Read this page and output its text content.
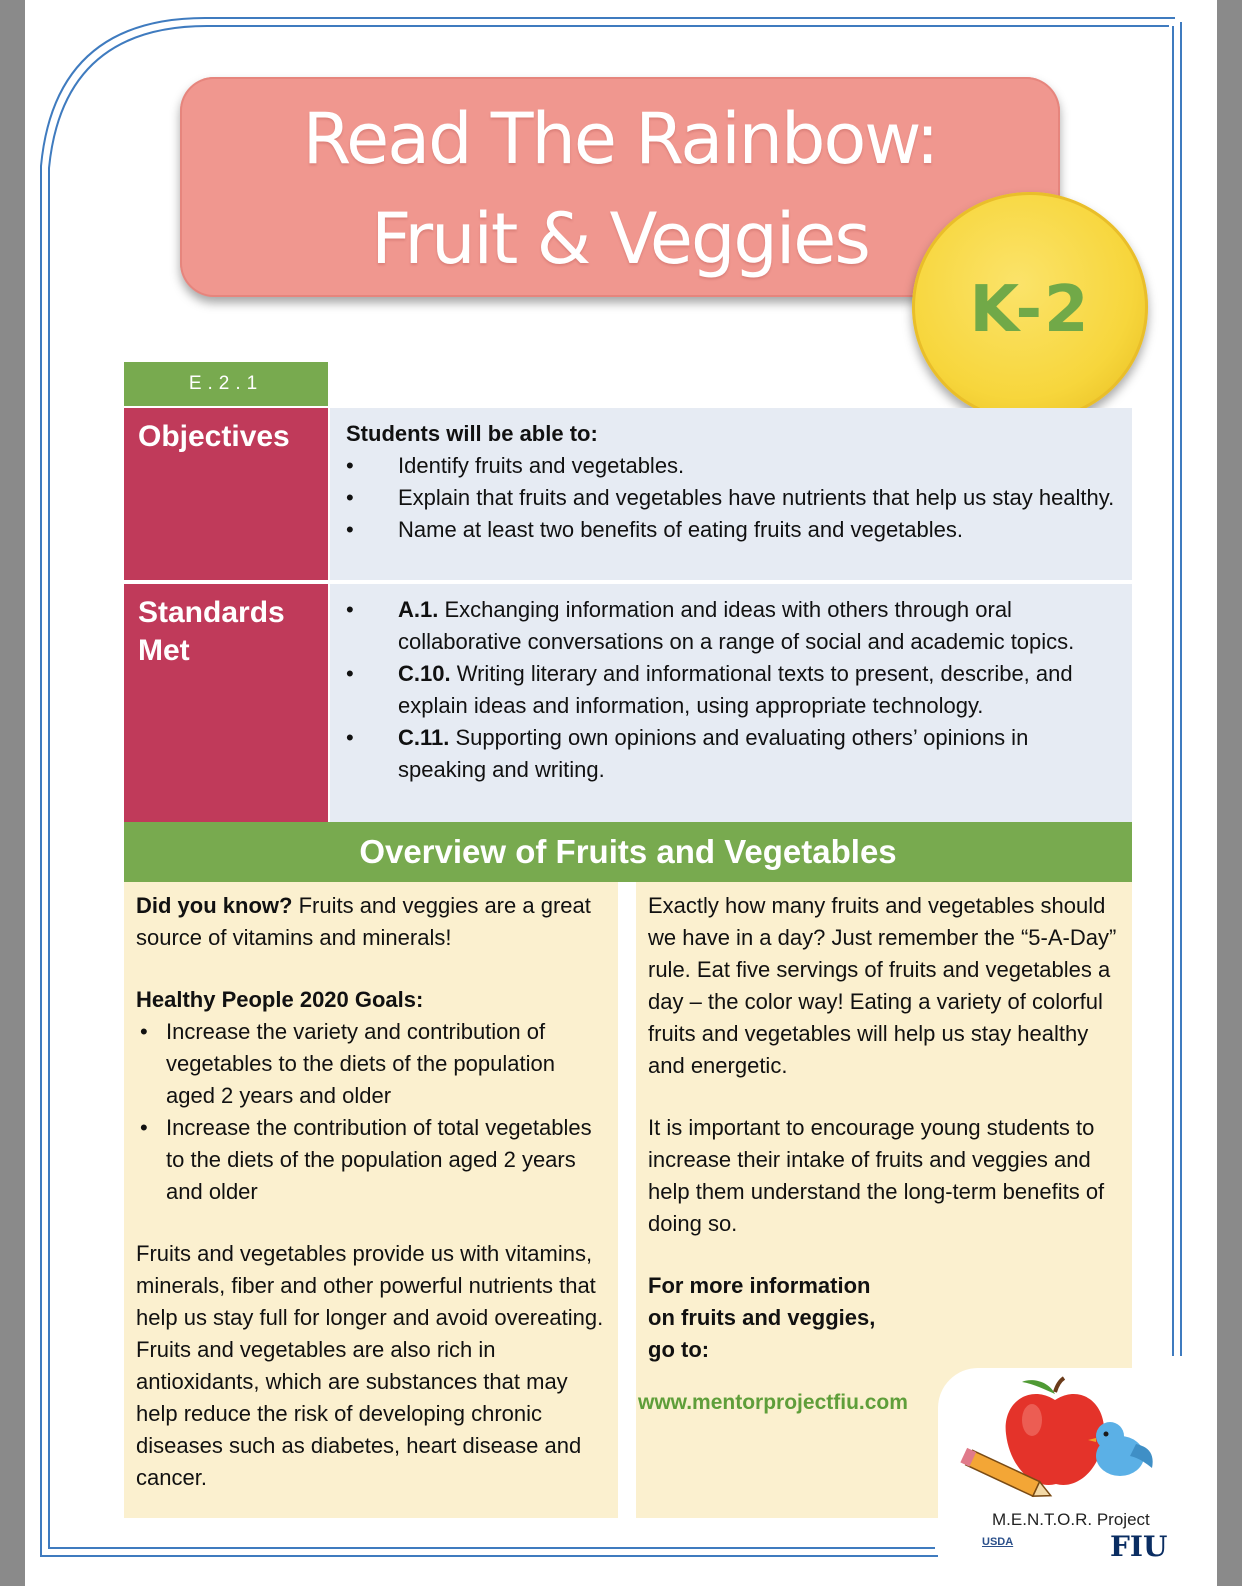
Read The Rainbow:
Fruit & Veggies
K-2
E.2.1
Objectives	Students will be able to:
• Identify fruits and vegetables.
• Explain that fruits and vegetables have nutrients that help us stay healthy.
• Name at least two benefits of eating fruits and vegetables.
Standards Met
• A.1. Exchanging information and ideas with others through oral collaborative conversations on a range of social and academic topics.
• C.10. Writing literary and informational texts to present, describe, and explain ideas and information, using appropriate technology.
• C.11. Supporting own opinions and evaluating others’ opinions in speaking and writing.
Overview of Fruits and Vegetables

Did you know? Fruits and veggies are a great source of vitamins and minerals!

Healthy People 2020 Goals:

• Increase the variety and contribution of vegetables to the diets of the population aged 2 years and older
• Increase the contribution of total vegetables to the diets of the population aged 2 years and older

Fruits and vegetables provide us with vitamins, minerals, fiber and other powerful nutrients that help us stay full for longer and avoid overeating. Fruits and vegetables are also rich in antioxidants, which are substances that may help reduce the risk of developing chronic diseases such as diabetes, heart disease and cancer.

Exactly how many fruits and vegetables should we have in a day? Just remember the “5-A-Day” rule. Eat five servings of fruits and vegetables a day – the color way! Eating a variety of colorful fruits and vegetables will help us stay healthy and energetic.

It is important to encourage young students to increase their intake of fruits and veggies and help them understand the long-term benefits of doing so.

For more information
on fruits and veggies,
go to:

www.mentorprojectfiu.com

M.E.N.T.O.R. Project
USDA	FIU
